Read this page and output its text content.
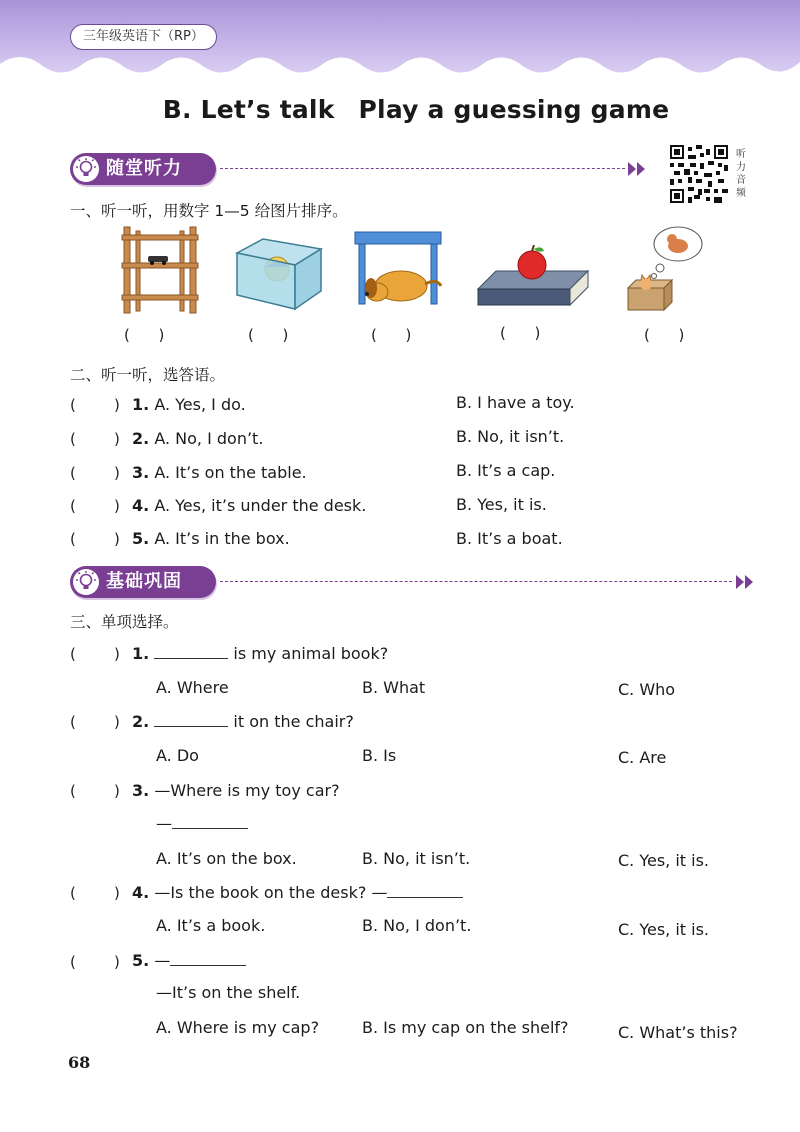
三年级英语下（RP）
B. Let’s talk Play a guessing game
随堂听力
听
力
音
频
一、听一听，用数字 1—5 给图片排序。
(      )	(      )	(      )	(      )	(      )
二、听一听，选答语。
(        ) 1. A. Yes, I do.	B. I have a toy.
(        ) 2. A. No, I don’t.	B. No, it isn’t.
(        ) 3. A. It’s on the table.	B. It’s a cap.
(        ) 4. A. Yes, it’s under the desk.	B. Yes, it is.
(        ) 5. A. It’s in the box.	B. It’s a boat.
基础巩固
三、单项选择。
(        ) 1.	is my animal book?
A. Where	B. What	C. Who
(        ) 2.	it on the chair?
A. Do	B. Is	C. Are
(        ) 3. —Where is my toy car?
—
A. It’s on the box.	B. No, it isn’t.	C. Yes, it is.
(        ) 4. —Is the book on the desk? —
A. It’s a book.	B. No, I don’t.	C. Yes, it is.
(        ) 5. —
—It’s on the shelf.
A. Where is my cap?	B. Is my cap on the shelf?	C. What’s this?
68
